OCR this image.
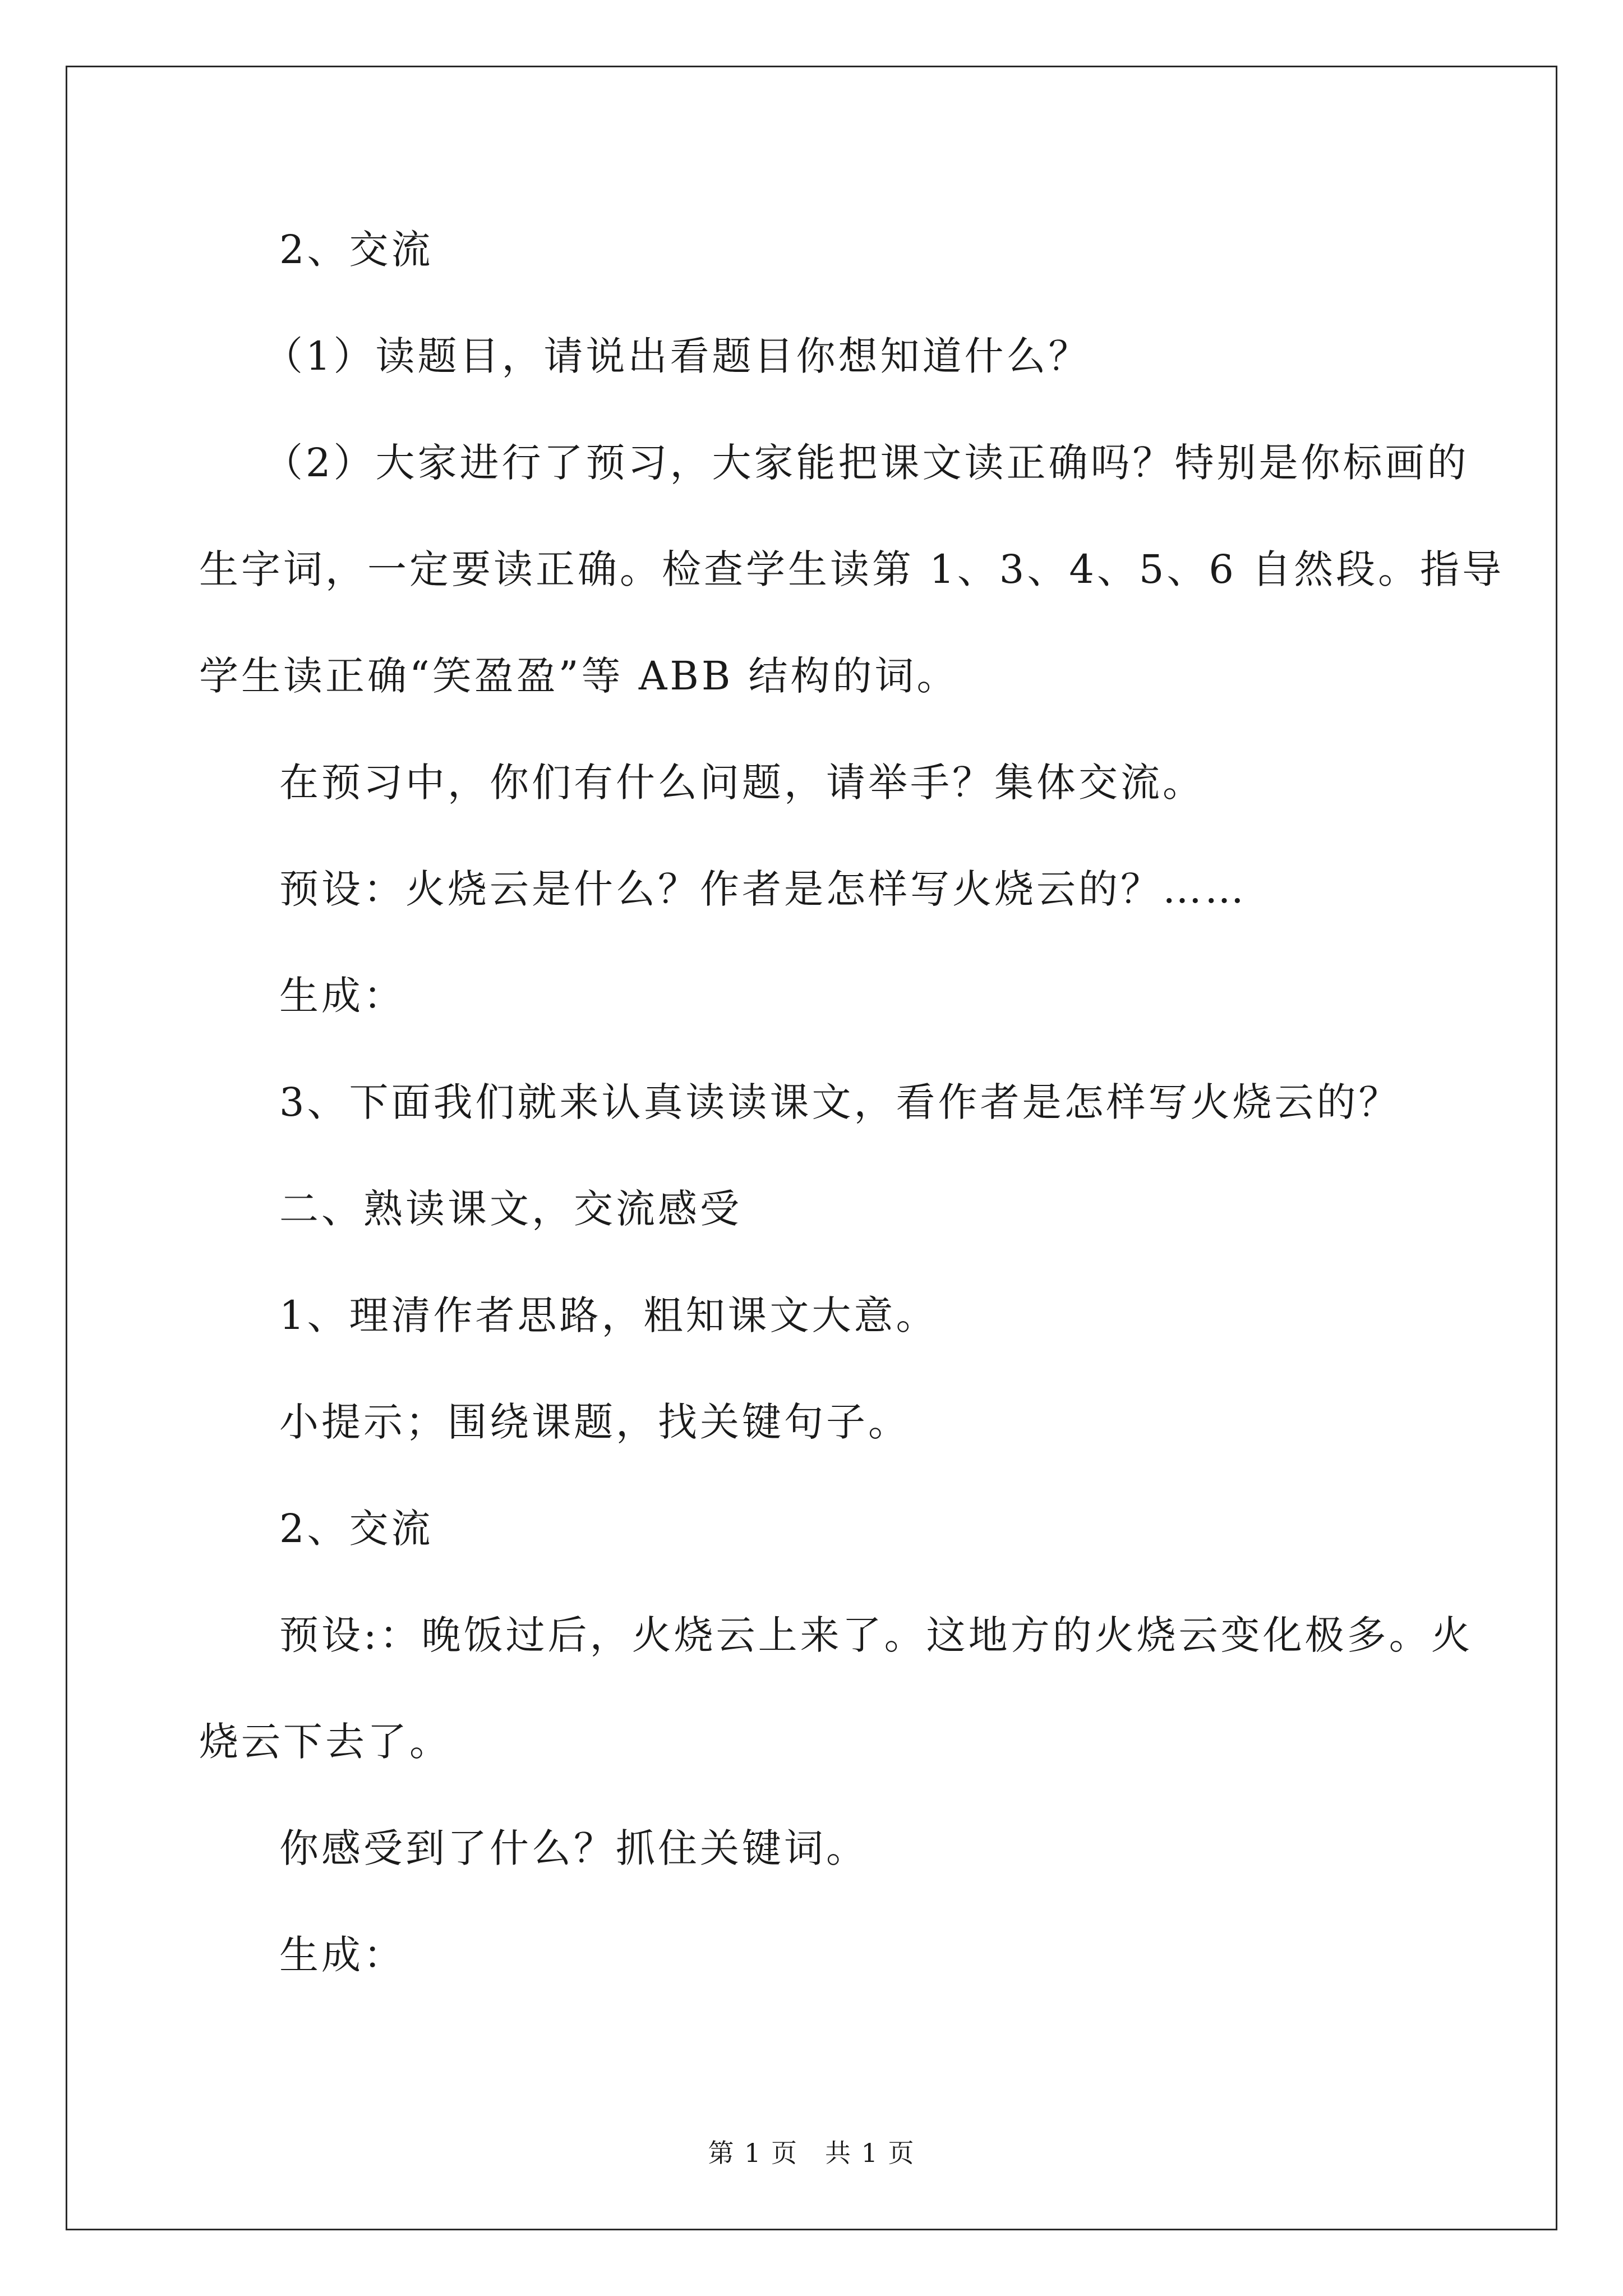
2、交流
（1）读题目，请说出看题目你想知道什么？
（2）大家进行了预习，大家能把课文读正确吗？特别是你标画的
生字词，一定要读正确。检查学生读第 1、3、4、5、6 自然段。指导
学生读正确“笑盈盈”等 ABB 结构的词。
在预习中，你们有什么问题，请举手？集体交流。
预设：火烧云是什么？作者是怎样写火烧云的？……
生成：
3、下面我们就来认真读读课文，看作者是怎样写火烧云的？
二、熟读课文，交流感受
1、理清作者思路，粗知课文大意。
小提示；围绕课题，找关键句子。
2、交流
预设:：晚饭过后，火烧云上来了。这地方的火烧云变化极多。火
烧云下去了。
你感受到了什么？抓住关键词。
生成：
第 1 页　共 1 页
